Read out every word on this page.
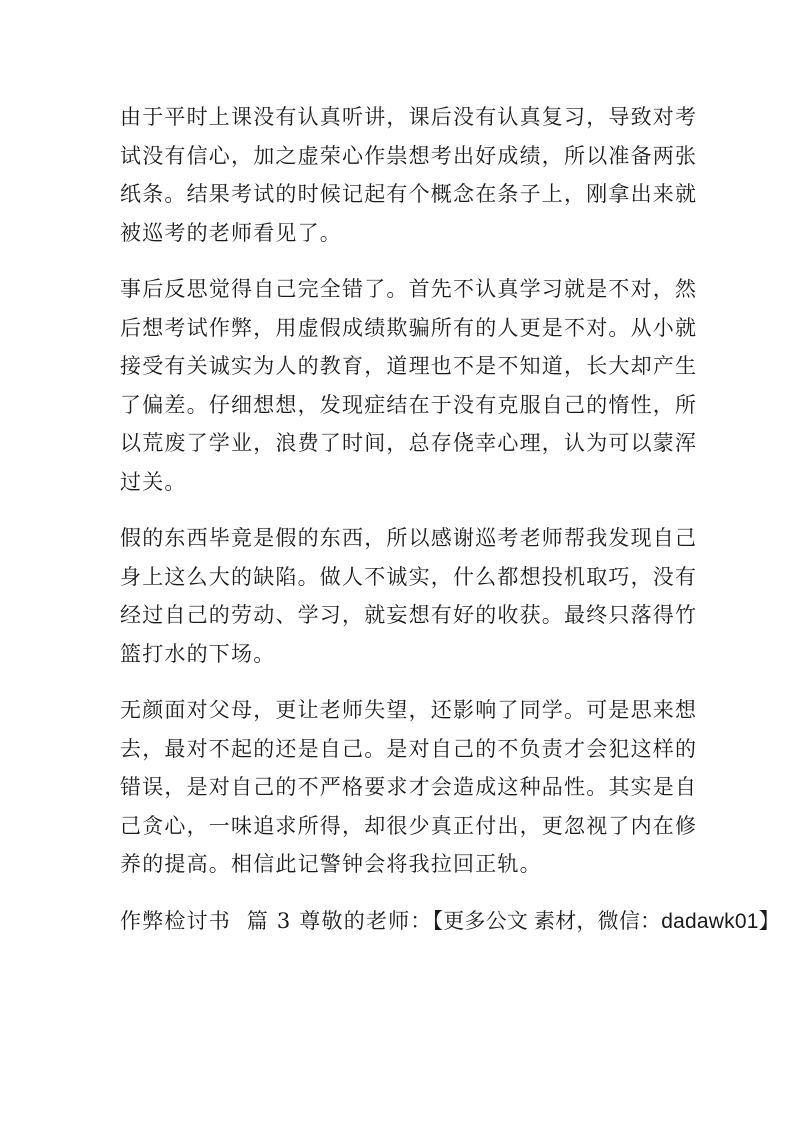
由于平时上课没有认真听讲，课后没有认真复习，导致对考
试没有信心，加之虚荣心作祟想考出好成绩，所以准备两张
纸条。结果考试的时候记起有个概念在条子上，刚拿出来就
被巡考的老师看见了。

事后反思觉得自己完全错了。首先不认真学习就是不对，然
后想考试作弊，用虚假成绩欺骗所有的人更是不对。从小就
接受有关诚实为人的教育，道理也不是不知道，长大却产生
了偏差。仔细想想，发现症结在于没有克服自己的惰性，所
以荒废了学业，浪费了时间，总存侥幸心理，认为可以蒙浑
过关。

假的东西毕竟是假的东西，所以感谢巡考老师帮我发现自己
身上这么大的缺陷。做人不诚实，什么都想投机取巧，没有
经过自己的劳动、学习，就妄想有好的收获。最终只落得竹
篮打水的下场。

无颜面对父母，更让老师失望，还影响了同学。可是思来想
去，最对不起的还是自己。是对自己的不负责才会犯这样的
错误，是对自己的不严格要求才会造成这种品性。其实是自
己贪心，一味追求所得，却很少真正付出，更忽视了内在修
养的提高。相信此记警钟会将我拉回正轨。

作弊检讨书 篇 3 尊敬的老师：【更多公文 素材，微信：dadawk01】
